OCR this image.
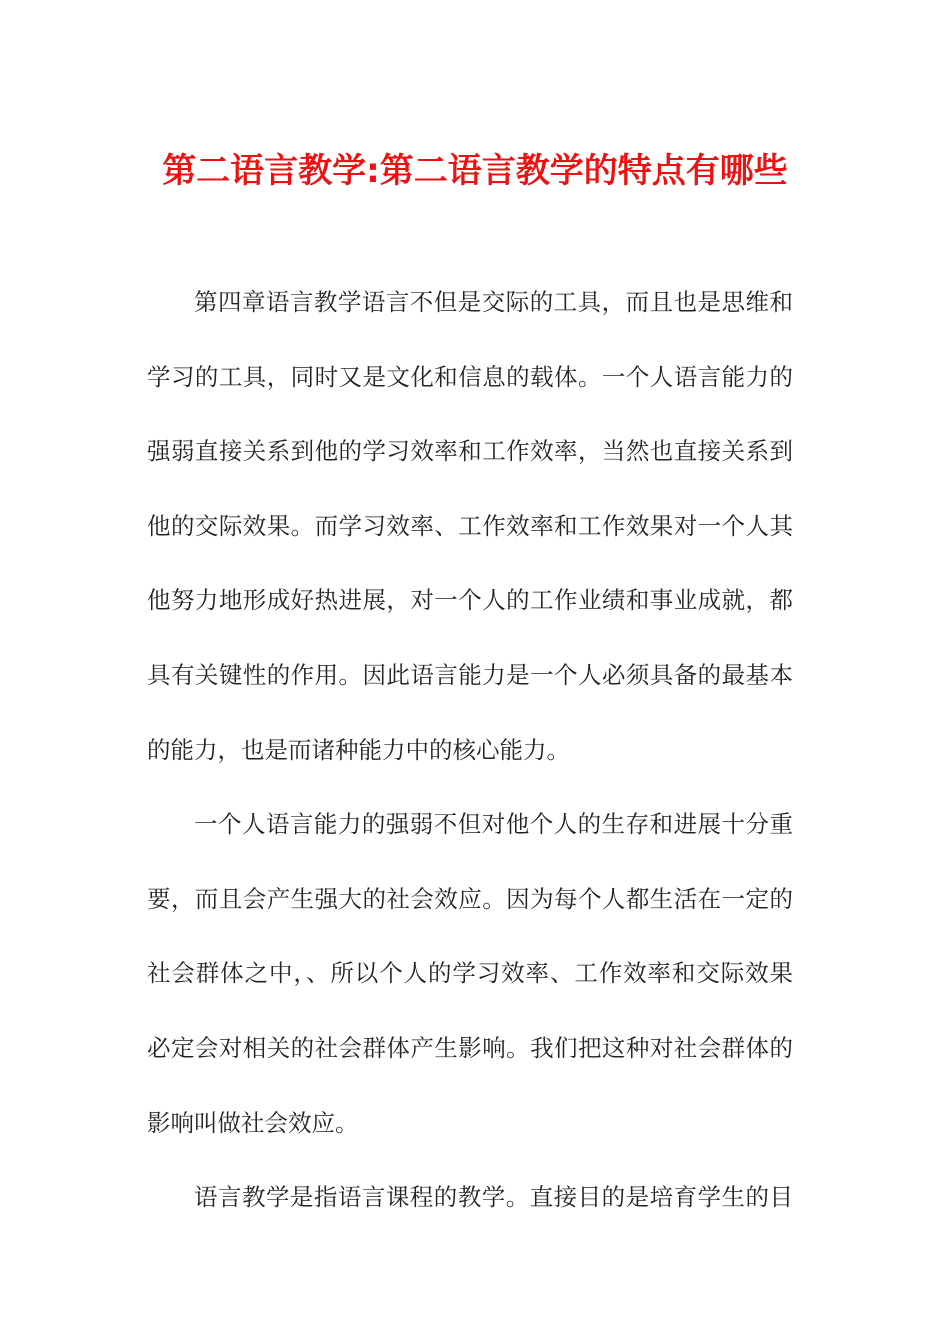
第二语言教学:第二语言教学的特点有哪些
第四章语言教学语言不但是交际的工具，而且也是思维和
学习的工具，同时又是文化和信息的载体。一个人语言能力的
强弱直接关系到他的学习效率和工作效率，当然也直接关系到
他的交际效果。而学习效率、工作效率和工作效果对一个人其
他努力地形成好热进展，对一个人的工作业绩和事业成就，都
具有关键性的作用。因此语言能力是一个人必须具备的最基本
的能力，也是而诸种能力中的核心能力。
一个人语言能力的强弱不但对他个人的生存和进展十分重
要，而且会产生强大的社会效应。因为每个人都生活在一定的
社会群体之中，、所以个人的学习效率、工作效率和交际效果
必定会对相关的社会群体产生影响。我们把这种对社会群体的
影响叫做社会效应。
语言教学是指语言课程的教学。直接目的是培育学生的目
